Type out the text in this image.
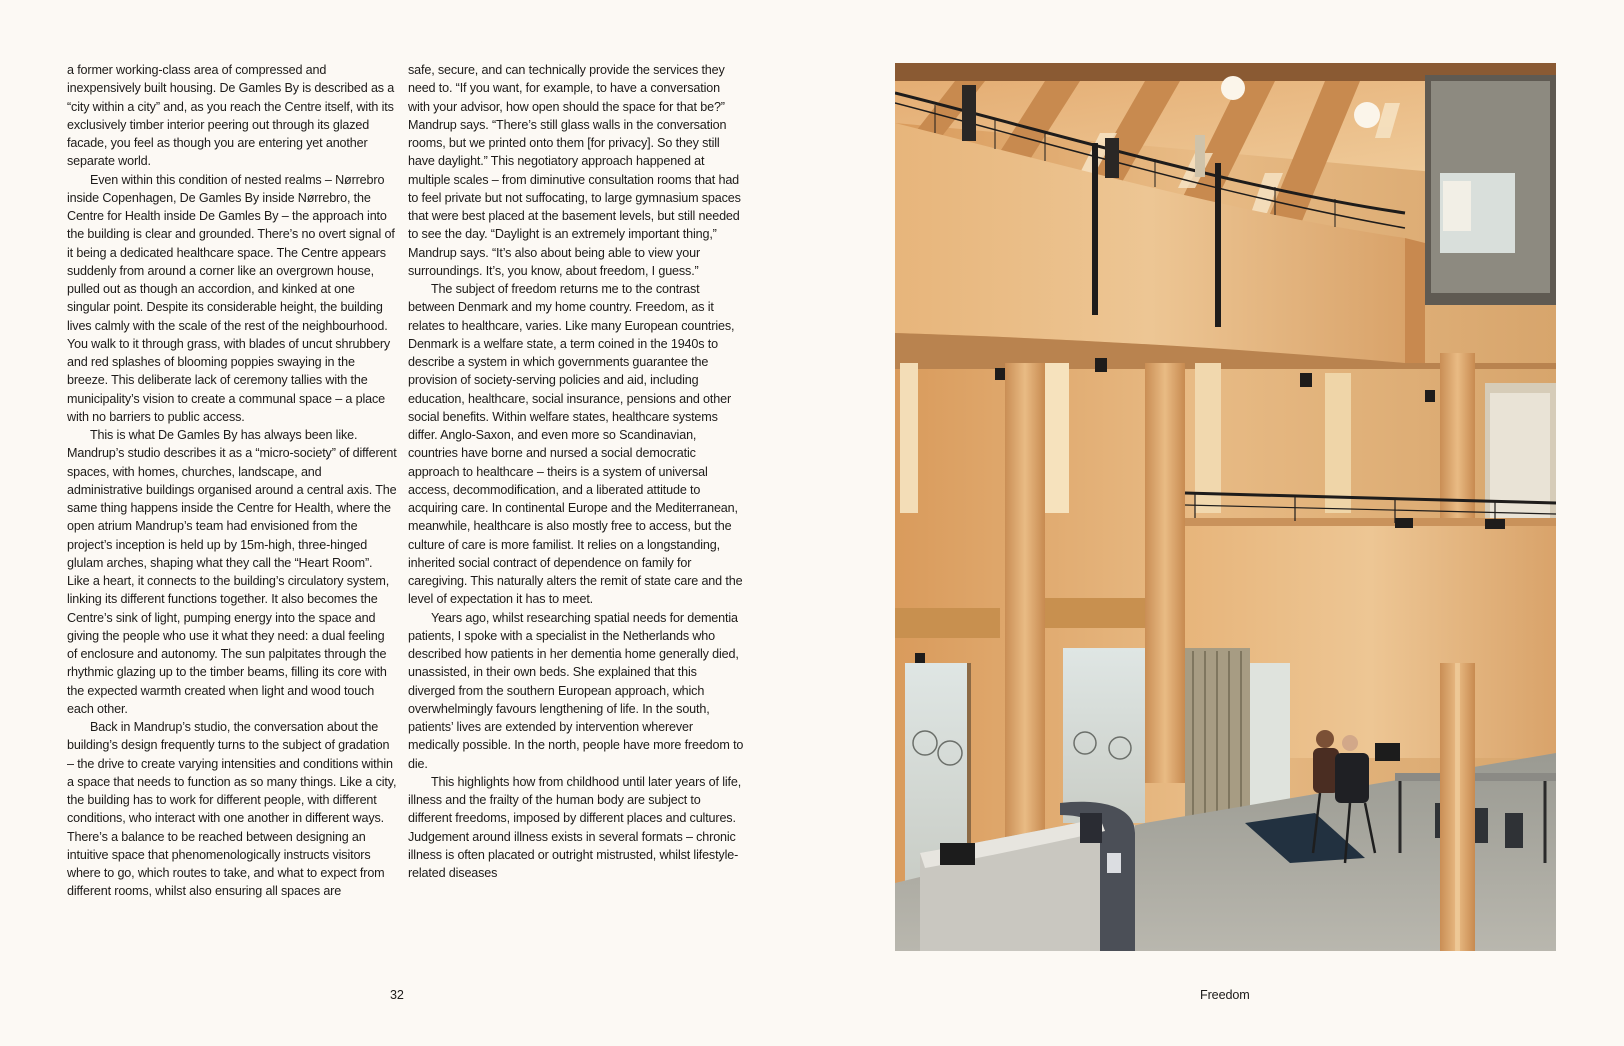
a former working-class area of compressed and inexpensively built housing. De Gamles By is described as a “city within a city” and, as you reach the Centre itself, with its exclusively timber interior peering out through its glazed facade, you feel as though you are entering yet another separate world.

Even within this condition of nested realms – Nørrebro inside Copenhagen, De Gamles By inside Nørrebro, the Centre for Health inside De Gamles By – the approach into the building is clear and grounded. There’s no overt signal of it being a dedicated healthcare space. The Centre appears suddenly from around a corner like an overgrown house, pulled out as though an accordion, and kinked at one singular point. Despite its considerable height, the building lives calmly with the scale of the rest of the neighbourhood. You walk to it through grass, with blades of uncut shrubbery and red splashes of blooming poppies swaying in the breeze. This deliberate lack of ceremony tallies with the municipality’s vision to create a communal space – a place with no barriers to public access.

This is what De Gamles By has always been like. Mandrup’s studio describes it as a “micro-society” of different spaces, with homes, churches, landscape, and administrative buildings organised around a central axis. The same thing happens inside the Centre for Health, where the open atrium Mandrup’s team had envisioned from the project’s inception is held up by 15m-high, three-hinged glulam arches, shaping what they call the “Heart Room”. Like a heart, it connects to the building’s circulatory system, linking its different functions together. It also becomes the Centre’s sink of light, pumping energy into the space and giving the people who use it what they need: a dual feeling of enclosure and autonomy. The sun palpitates through the rhythmic glazing up to the timber beams, filling its core with the expected warmth created when light and wood touch each other.

Back in Mandrup’s studio, the conversation about the building’s design frequently turns to the subject of gradation – the drive to create varying intensities and conditions within a space that needs to function as so many things. Like a city, the building has to work for different people, with different conditions, who interact with one another in different ways. There’s a balance to be reached between designing an intuitive space that phenomenologically instructs visitors where to go, which routes to take, and what to expect from different rooms, whilst also ensuring all spaces are

safe, secure, and can technically provide the services they need to. “If you want, for example, to have a conversation with your advisor, how open should the space for that be?” Mandrup says. “There’s still glass walls in the conversation rooms, but we printed onto them [for privacy]. So they still have daylight.” This negotiatory approach happened at multiple scales – from diminutive consultation rooms that had to feel private but not suffocating, to large gymnasium spaces that were best placed at the basement levels, but still needed to see the day. “Daylight is an extremely important thing,” Mandrup says. “It’s also about being able to view your surroundings. It’s, you know, about freedom, I guess.”

The subject of freedom returns me to the contrast between Denmark and my home country. Freedom, as it relates to healthcare, varies. Like many European countries, Denmark is a welfare state, a term coined in the 1940s to describe a system in which governments guarantee the provision of society-serving policies and aid, including education, healthcare, social insurance, pensions and other social benefits. Within welfare states, healthcare systems differ. Anglo-Saxon, and even more so Scandinavian, countries have borne and nursed a social democratic approach to healthcare – theirs is a system of universal access, decommodification, and a liberated attitude to acquiring care. In continental Europe and the Mediterranean, meanwhile, healthcare is also mostly free to access, but the culture of care is more familist. It relies on a longstanding, inherited social contract of dependence on family for caregiving. This naturally alters the remit of state care and the level of expectation it has to meet.

Years ago, whilst researching spatial needs for dementia patients, I spoke with a specialist in the Netherlands who described how patients in her dementia home generally died, unassisted, in their own beds. She explained that this diverged from the southern European approach, which overwhelmingly favours lengthening of life. In the south, patients’ lives are extended by intervention wherever medically possible. In the north, people have more freedom to die.

This highlights how from childhood until later years of life, illness and the frailty of the human body are subject to different freedoms, imposed by different places and cultures. Judgement around illness exists in several formats – chronic illness is often placated or outright mistrusted, whilst lifestyle-related diseases

32	Freedom
